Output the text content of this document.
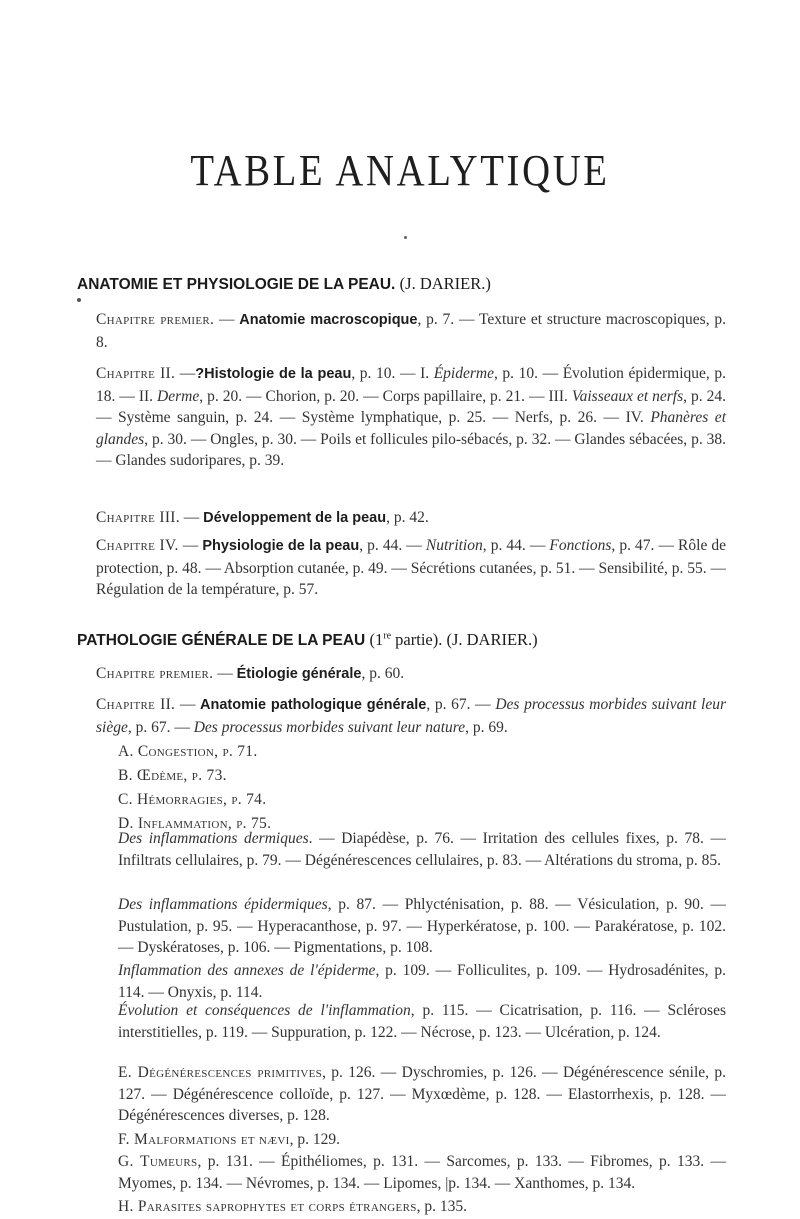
TABLE ANALYTIQUE
ANATOMIE ET PHYSIOLOGIE DE LA PEAU. (J. DARIER.)
Chapitre premier. — Anatomie macroscopique, p. 7. — Texture et structure macroscopiques, p. 8.
Chapitre II. —?Histologie de la peau, p. 10. — I. Épiderme, p. 10. — Évolution épidermique, p. 18. — II. Derme, p. 20. — Chorion, p. 20. — Corps papillaire, p. 21. — III. Vaisseaux et nerfs, p. 24. — Système sanguin, p. 24. — Système lymphatique, p. 25. — Nerfs, p. 26. — IV. Phanères et glandes, p. 30. — Ongles, p. 30. — Poils et follicules pilo-sébacés, p. 32. — Glandes sébacées, p. 38. — Glandes sudoripares, p. 39.
Chapitre III. — Développement de la peau, p. 42.
Chapitre IV. — Physiologie de la peau, p. 44. — Nutrition, p. 44. — Fonctions, p. 47. — Rôle de protection, p. 48. — Absorption cutanée, p. 49. — Sécrétions cutanées, p. 51. — Sensibilité, p. 55. — Régulation de la température, p. 57.
PATHOLOGIE GÉNÉRALE DE LA PEAU (1re partie). (J. DARIER.)
Chapitre premier. — Étiologie générale, p. 60.
Chapitre II. — Anatomie pathologique générale, p. 67. — Des processus morbides suivant leur siège, p. 67. — Des processus morbides suivant leur nature, p. 69.
A. Congestion, p. 71.
B. Œdème, p. 73.
C. Hémorragies, p. 74.
D. Inflammation, p. 75.
Des inflammations dermiques. — Diapédèse, p. 76. — Irritation des cellules fixes, p. 78. — Infiltrats cellulaires, p. 79. — Dégénérescences cellulaires, p. 83. — Altérations du stroma, p. 85.
Des inflammations épidermiques, p. 87. — Phlycténisation, p. 88. — Vésiculation, p. 90. — Pustulation, p. 95. — Hyperacanthose, p. 97. — Hyperkératose, p. 100. — Parakératose, p. 102. — Dyskératoses, p. 106. — Pigmentations, p. 108.
Inflammation des annexes de l'épiderme, p. 109. — Folliculites, p. 109. — Hydrosadénites, p. 114. — Onyxis, p. 114.
Évolution et conséquences de l'inflammation, p. 115. — Cicatrisation, p. 116. — Scléroses interstitielles, p. 119. — Suppuration, p. 122. — Nécrose, p. 123. — Ulcération, p. 124.
E. Dégénérescences primitives, p. 126. — Dyschromies, p. 126. — Dégénérescence sénile, p. 127. — Dégénérescence colloïde, p. 127. — Myxœdème, p. 128. — Elastorrhexis, p. 128. — Dégénérescences diverses, p. 128.
F. Malformations et nævi, p. 129.
G. Tumeurs, p. 131. — Épithéliomes, p. 131. — Sarcomes, p. 133. — Fibromes, p. 133. — Myomes, p. 134. — Névromes, p. 134. — Lipomes, |p. 134. — Xanthomes, p. 134.
H. Parasites saprophytes et corps étrangers, p. 135.
